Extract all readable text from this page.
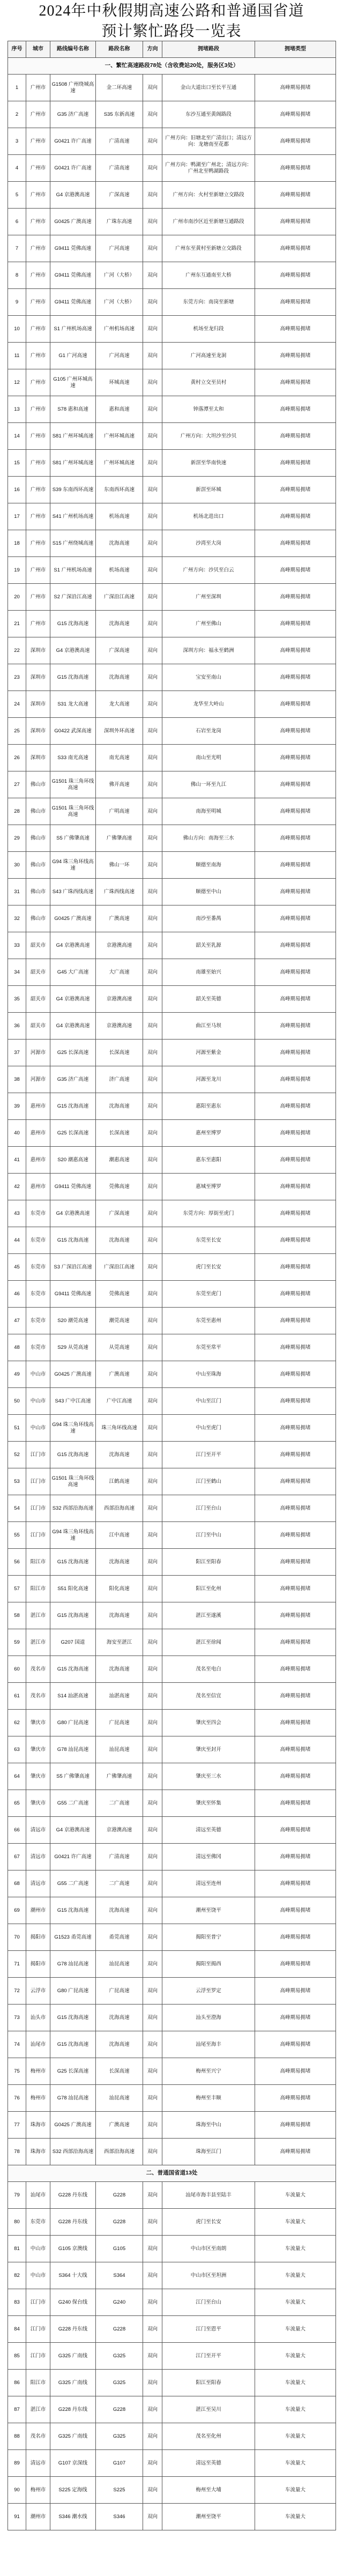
2024年中秋假期高速公路和普通国省道
预计繁忙路段一览表
序号	城市	路线编号名称	路段名称	方向	拥堵路段	拥堵类型
一、繁忙高速路段78处（含收费站20处，服务区3处）						
1	广州市	G1508 广州绕城高速	金二环高速	双向	金山大道出口至长平互通	高峰期易拥堵
2	广州市	G35 济广高速	S35 东新高速	双向	东沙互通至黄阁路段	高峰期易拥堵
3	广州市	G0421 许广高速	广清高速	双向	广州方向：旧塘北至广清出口；清远方向：龙塘南至花都	高峰期易拥堵
4	广州市	G0421 许广高速	广清高速	双向	广州方向：鸭湖至广州北；清远方向：广州北至鸭湖路段	高峰期易拥堵
5	广州市	G4 京港澳高速	广深高速	双向	广州方向：火村至新塘立交路段	高峰期易拥堵
6	广州市	G0425 广澳高速	广珠东高速	双向	广州市南沙区近至新塘互通路段	高峰期易拥堵
7	广州市	G9411 莞佛高速	广河高速	双向	广州东至黄村至新塘立交路段	高峰期易拥堵
8	广州市	G9411 莞佛高速	广河（大桥）	双向	广州东互通南至大桥	高峰期易拥堵
9	广州市	G9411 莞佛高速	广河（大桥）	双向	东莞方向：南岗至新塘	高峰期易拥堵
10	广州市	S1 广州机场高速	广州机场高速	双向	机场至龙归段	高峰期易拥堵
11	广州市	G1 广河高速	广河高速	双向	广河高速至龙洞	高峰期易拥堵
12	广州市	G105 广州环城高速	环城高速	双向	黄村立交至员村	高峰期易拥堵
13	广州市	S78 惠和高速	惠和高速	双向	钟落潭至太和	高峰期易拥堵
14	广州市	S81 广州环城高速	广州环城高速	双向	广州方向：大坦沙至沙贝	高峰期易拥堵
15	广州市	S81 广州环城高速	广州环城高速	双向	新滘至华南快速	高峰期易拥堵
16	广州市	S39 东南西环高速	东南西环高速	双向	新滘至环城	高峰期易拥堵
17	广州市	S41 广州机场高速	机场高速	双向	机场北进出口	高峰期易拥堵
18	广州市	S15 广州绕城高速	沈海高速	双向	沙湾至大岗	高峰期易拥堵
19	广州市	S1 广州机场高速	机场高速	双向	广州方向：沙贝至白云	高峰期易拥堵
20	广州市	S2 广深沿江高速	广深沿江高速	双向	广州至深圳	高峰期易拥堵
21	广州市	G15 沈海高速	沈海高速	双向	广州至佛山	高峰期易拥堵
22	深圳市	G4 京港澳高速	广深高速	双向	深圳方向：福永至鹤洲	高峰期易拥堵
23	深圳市	G15 沈海高速	沈海高速	双向	宝安至南山	高峰期易拥堵
24	深圳市	S31 龙大高速	龙大高速	双向	龙华至大岭山	高峰期易拥堵
25	深圳市	G0422 武深高速	深圳外环高速	双向	石岩至龙岗	高峰期易拥堵
26	深圳市	S33 南光高速	南光高速	双向	南山至光明	高峰期易拥堵
27	佛山市	G1501 珠三角环线高速	佛开高速	双向	佛山一环至九江	高峰期易拥堵
28	佛山市	G1501 珠三角环线高速	广明高速	双向	南海至明城	高峰期易拥堵
29	佛山市	S5 广佛肇高速	广佛肇高速	双向	佛山方向：南海至三水	高峰期易拥堵
30	佛山市	G94 珠三角环线高速	佛山一环	双向	顺德至南海	高峰期易拥堵
31	佛山市	S43 广珠西线高速	广珠西线高速	双向	顺德至中山	高峰期易拥堵
32	佛山市	G0425 广澳高速	广澳高速	双向	南沙至番禺	高峰期易拥堵
33	韶关市	G4 京港澳高速	京港澳高速	双向	韶关至乳源	高峰期易拥堵
34	韶关市	G45 大广高速	大广高速	双向	南雄至始兴	高峰期易拥堵
35	韶关市	G4 京港澳高速	京港澳高速	双向	韶关至英德	高峰期易拥堵
36	韶关市	G4 京港澳高速	京港澳高速	双向	曲江至马坝	高峰期易拥堵
37	河源市	G25 长深高速	长深高速	双向	河源至紫金	高峰期易拥堵
38	河源市	G35 济广高速	济广高速	双向	河源至龙川	高峰期易拥堵
39	惠州市	G15 沈海高速	沈海高速	双向	惠阳至惠东	高峰期易拥堵
40	惠州市	G25 长深高速	长深高速	双向	惠州至博罗	高峰期易拥堵
41	惠州市	S20 潮惠高速	潮惠高速	双向	惠东至惠阳	高峰期易拥堵
42	惠州市	G9411 莞佛高速	莞佛高速	双向	惠城至博罗	高峰期易拥堵
43	东莞市	G4 京港澳高速	广深高速	双向	东莞方向：厚街至虎门	高峰期易拥堵
44	东莞市	G15 沈海高速	沈海高速	双向	东莞至长安	高峰期易拥堵
45	东莞市	S3 广深沿江高速	广深沿江高速	双向	虎门至长安	高峰期易拥堵
46	东莞市	G9411 莞佛高速	莞佛高速	双向	东莞至虎门	高峰期易拥堵
47	东莞市	S20 潮莞高速	潮莞高速	双向	东莞至惠州	高峰期易拥堵
48	东莞市	S29 从莞高速	从莞高速	双向	东莞至常平	高峰期易拥堵
49	中山市	G0425 广澳高速	广澳高速	双向	中山至珠海	高峰期易拥堵
50	中山市	S43 广中江高速	广中江高速	双向	中山至江门	高峰期易拥堵
51	中山市	G94 珠三角环线高速	珠三角环线高速	双向	中山至虎门	高峰期易拥堵
52	江门市	G15 沈海高速	沈海高速	双向	江门至开平	高峰期易拥堵
53	江门市	G1501 珠三角环线高速	江鹤高速	双向	江门至鹤山	高峰期易拥堵
54	江门市	S32 西部沿海高速	西部沿海高速	双向	江门至台山	高峰期易拥堵
55	江门市	G94 珠三角环线高速	江中高速	双向	江门至中山	高峰期易拥堵
56	阳江市	G15 沈海高速	沈海高速	双向	阳江至阳春	高峰期易拥堵
57	阳江市	S51 阳化高速	阳化高速	双向	阳江至化州	高峰期易拥堵
58	湛江市	G15 沈海高速	沈海高速	双向	湛江至遂溪	高峰期易拥堵
59	湛江市	G207 国道	海安至湛江	双向	湛江至徐闻	高峰期易拥堵
60	茂名市	G15 沈海高速	沈海高速	双向	茂名至电白	高峰期易拥堵
61	茂名市	S14 汕湛高速	汕湛高速	双向	茂名至信宜	高峰期易拥堵
62	肇庆市	G80 广昆高速	广昆高速	双向	肇庆至四会	高峰期易拥堵
63	肇庆市	G78 汕昆高速	汕昆高速	双向	肇庆至封开	高峰期易拥堵
64	肇庆市	S5 广佛肇高速	广佛肇高速	双向	肇庆至三水	高峰期易拥堵
65	肇庆市	G55 二广高速	二广高速	双向	肇庆至怀集	高峰期易拥堵
66	清远市	G4 京港澳高速	京港澳高速	双向	清远至英德	高峰期易拥堵
67	清远市	G0421 许广高速	广清高速	双向	清远至佛冈	高峰期易拥堵
68	清远市	G55 二广高速	二广高速	双向	清远至连州	高峰期易拥堵
69	潮州市	G15 沈海高速	沈海高速	双向	潮州至饶平	高峰期易拥堵
70	揭阳市	G1523 甬莞高速	甬莞高速	双向	揭阳至普宁	高峰期易拥堵
71	揭阳市	G78 汕昆高速	汕昆高速	双向	揭阳至揭西	高峰期易拥堵
72	云浮市	G80 广昆高速	广昆高速	双向	云浮至罗定	高峰期易拥堵
73	汕头市	G15 沈海高速	沈海高速	双向	汕头至澄海	高峰期易拥堵
74	汕尾市	G15 沈海高速	沈海高速	双向	汕尾至海丰	高峰期易拥堵
75	梅州市	G25 长深高速	长深高速	双向	梅州至兴宁	高峰期易拥堵
76	梅州市	G78 汕昆高速	汕昆高速	双向	梅州至丰顺	高峰期易拥堵
77	珠海市	G0425 广澳高速	广澳高速	双向	珠海至中山	高峰期易拥堵
78	珠海市	S32 西部沿海高速	西部沿海高速	双向	珠海至江门	高峰期易拥堵
二、普通国省道13处						
79	汕尾市	G228 丹东线	G228	双向	汕尾市海丰县至陆丰	车流量大
80	东莞市	G228 丹东线	G228	双向	虎门至长安	车流量大
81	中山市	G105 京澳线	G105	双向	中山市区至南朗	车流量大
82	中山市	S364 十大线	S364	双向	中山市区至坦洲	车流量大
83	江门市	G240 保台线	G240	双向	江门至台山	车流量大
84	江门市	G228 丹东线	G228	双向	江门至恩平	车流量大
85	江门市	G325 广南线	G325	双向	江门至开平	车流量大
86	阳江市	G325 广南线	G325	双向	阳江至阳春	车流量大
87	湛江市	G228 丹东线	G228	双向	湛江至吴川	车流量大
88	茂名市	G325 广南线	G325	双向	茂名至化州	车流量大
89	清远市	G107 京深线	G107	双向	清远至英德	车流量大
90	梅州市	S225 定海线	S225	双向	梅州至大埔	车流量大
91	潮州市	S346 潮水线	S346	双向	潮州至饶平	车流量大
